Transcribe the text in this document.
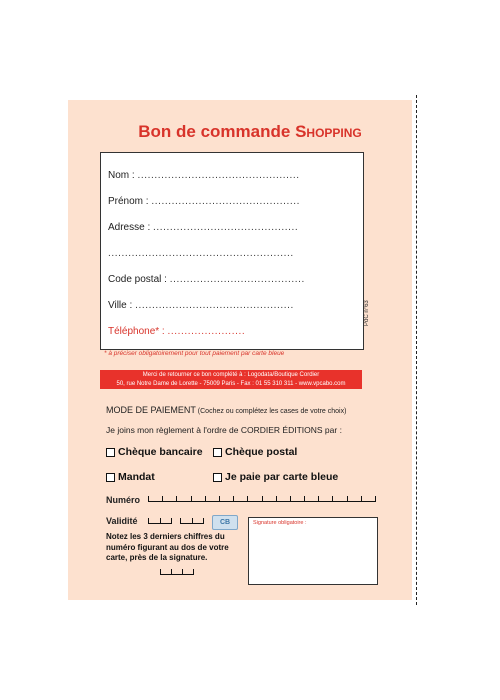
Bon de commande Shopping
Nom : ................................................
Prénom : ............................................
Adresse : ...........................................
.......................................................
Code postal : ........................................
Ville : ...............................................
Téléphone* : .......................
PdC n°63
* à préciser obligatoirement pour tout paiement par carte bleue
Merci de retourner ce bon complété à : Logodata/Boutique Cordier
50, rue Notre Dame de Lorette - 75009 Paris - Fax : 01 55 310 311 - www.vpcabo.com
MODE DE PAIEMENT (Cochez ou complétez les cases de votre choix)
Je joins mon règlement à l'ordre de CORDIER ÉDITIONS par :
Chèque bancaire Chèque postal
Mandat	Je paie par carte bleue
Numéro
Validité	CB
Notez les 3 derniers chiffres du numéro figurant au dos de votre carte, près de la signature.
Signature obligatoire :
